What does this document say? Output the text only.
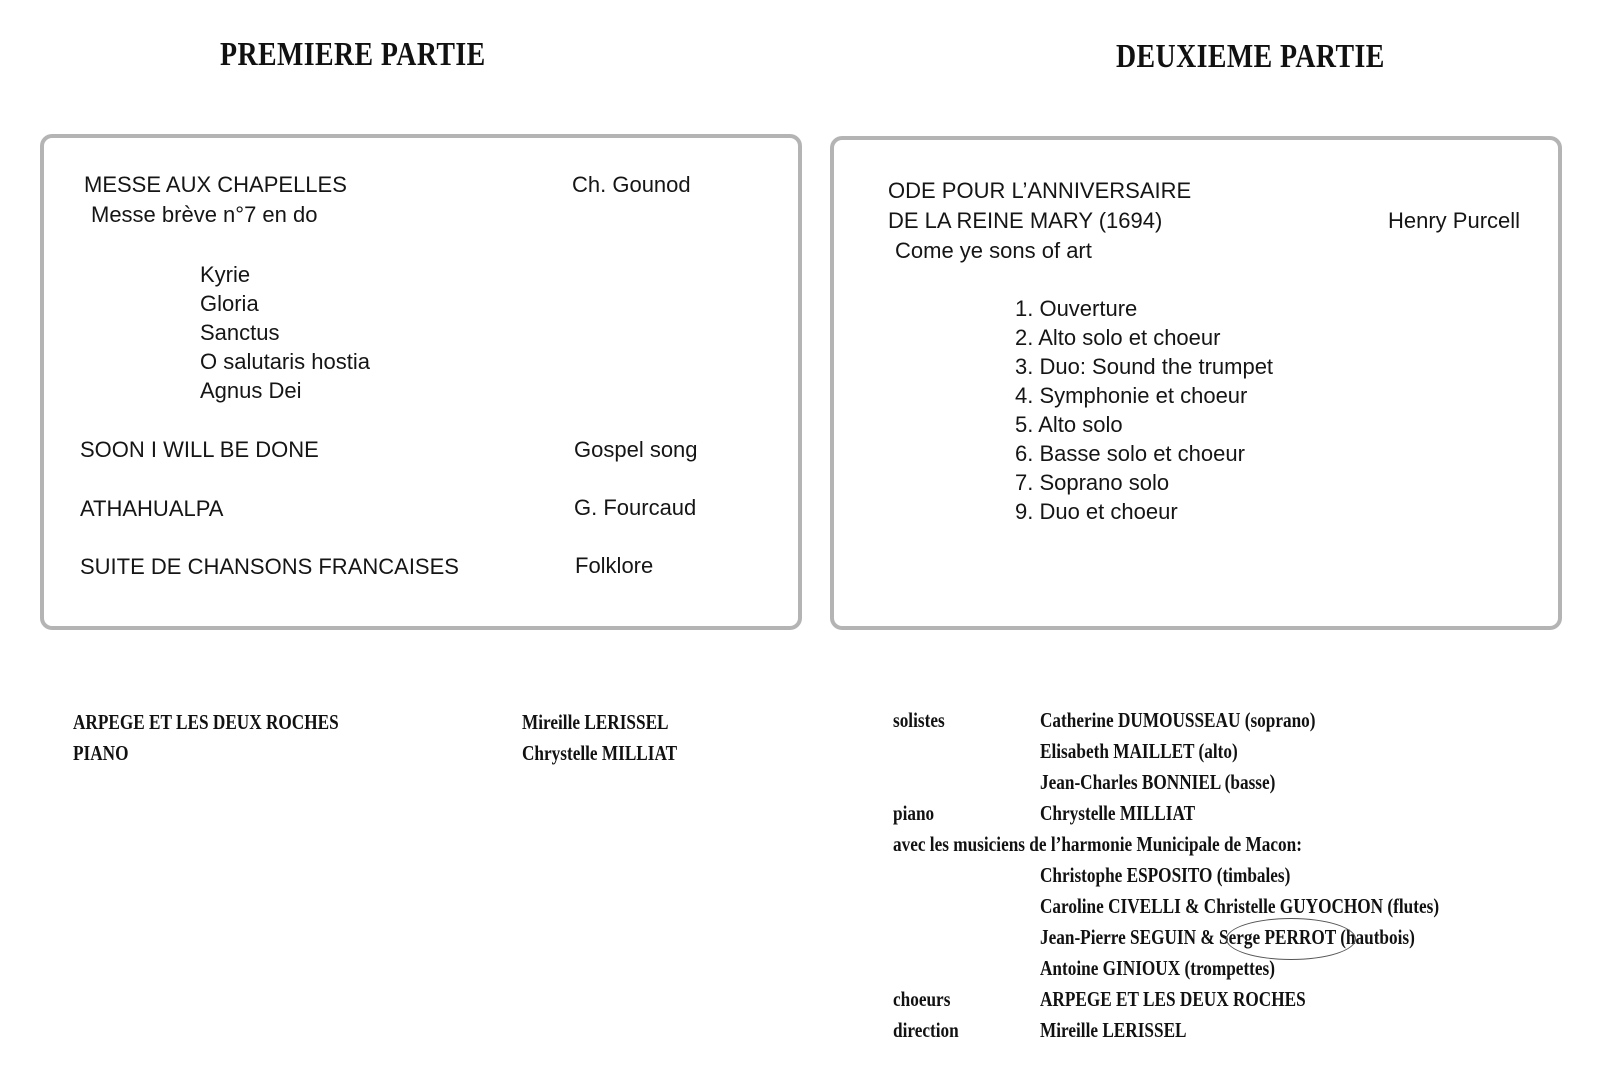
PREMIERE PARTIE	DEUXIEME PARTIE
MESSE AUX CHAPELLES	Ch. Gounod
Messe brève n°7 en do
Kyrie
Gloria
Sanctus
O salutaris hostia
Agnus Dei
SOON I WILL BE DONE	Gospel song
ATHAHUALPA	G. Fourcaud
SUITE DE CHANSONS FRANCAISES	Folklore
ODE POUR L’ANNIVERSAIRE
DE LA REINE MARY (1694)	Henry Purcell
Come ye sons of art
1. Ouverture
2. Alto solo et choeur
3. Duo: Sound the trumpet
4. Symphonie et choeur
5. Alto solo
6. Basse solo et choeur
7. Soprano solo
9. Duo et choeur
ARPEGE ET LES DEUX ROCHES	Mireille LERISSEL
PIANO	Chrystelle MILLIAT
solistes	Catherine DUMOUSSEAU (soprano)
Elisabeth MAILLET (alto)
Jean-Charles BONNIEL (basse)
piano	Chrystelle MILLIAT
avec les musiciens de l’harmonie Municipale de Macon:
Christophe ESPOSITO (timbales)
Caroline CIVELLI & Christelle GUYOCHON (flutes)
Jean-Pierre SEGUIN & Serge PERROT (hautbois)
Antoine GINIOUX (trompettes)
choeurs	ARPEGE ET LES DEUX ROCHES
direction	Mireille LERISSEL
